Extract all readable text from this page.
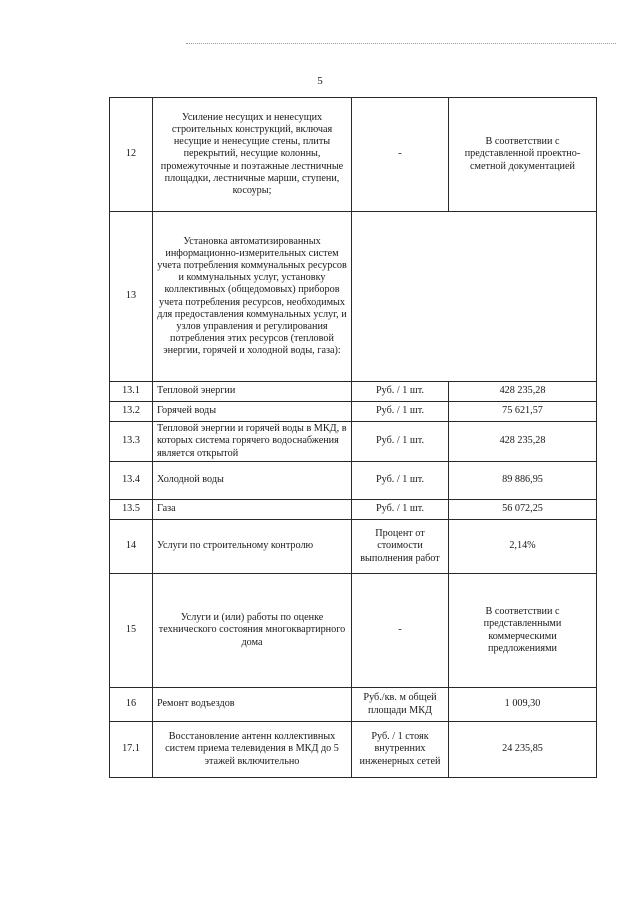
5
12	Усиление несущих и ненесущих строительных конструкций, включая несущие и ненесущие стены, плиты перекрытий, несущие колонны, промежуточные и поэтажные лестничные площадки, лестничные марши, ступени, косоуры;	-	В соответствии с представленной проектно-сметной документацией
13	Установка автоматизированных информационно-измерительных систем учета потребления коммунальных ресурсов и коммунальных услуг, установку коллективных (общедомовых) приборов учета потребления ресурсов, необходимых для предоставления коммунальных услуг, и узлов управления и регулирования потребления этих ресурсов (тепловой энергии, горячей и холодной воды, газа):		
13.1	Тепловой энергии	Руб. / 1 шт.	428 235,28
13.2	Горячей воды	Руб. / 1 шт.	75 621,57
13.3	Тепловой энергии и горячей воды в МКД, в которых система горячего водоснабжения является открытой	Руб. / 1 шт.	428 235,28
13.4	Холодной воды	Руб. / 1 шт.	89 886,95
13.5	Газа	Руб. / 1 шт.	56 072,25
14	Услуги по строительному контролю	Процент от стоимости выполнения работ	2,14%
15	Услуги и (или) работы по оценке технического состояния многоквартирного дома	-	В соответствии с представленными коммерческими предложениями
16	Ремонт водъездов	Руб./кв. м общей площади МКД	1 009,30
17.1	Восстановление антенн коллективных систем приема телевидения в МКД до 5 этажей включительно	Руб. / 1 стояк внутренних инженерных сетей	24 235,85
